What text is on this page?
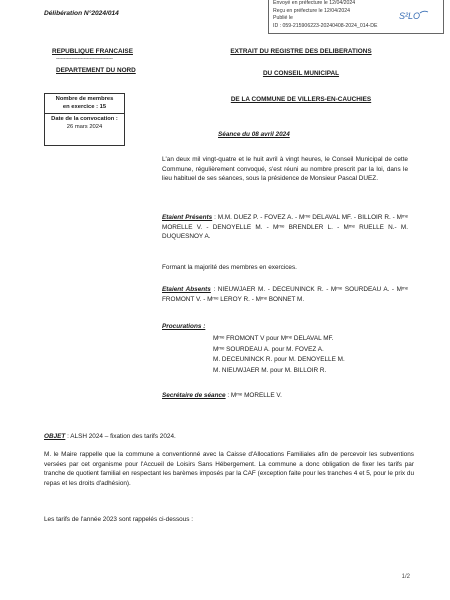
Envoyé en préfecture le 12/04/2024
Reçu en préfecture le 12/04/2024
Publié le
ID : 059-215906223-20240408-2024_014-DE
S²LO
Délibération N°2024/014
REPUBLIQUE FRANCAISE
-------------------------------------
DEPARTEMENT DU NORD
EXTRAIT DU REGISTRE DES DELIBERATIONS
DU CONSEIL MUNICIPAL
DE LA COMMUNE DE VILLERS-EN-CAUCHIES
Nombre de membres
en exercice : 15
Date de la convocation :
26 mars 2024
Séance du 08 avril 2024
L'an deux mil vingt-quatre et le huit avril à vingt heures, le Conseil Municipal de cette Commune, régulièrement convoqué, s'est réuni au nombre prescrit par la loi, dans le lieu habituel de ses séances, sous la présidence de Monsieur Pascal DUEZ.
Etaient Présents : M.M. DUEZ P. - FOVEZ A. - Mᵐᵉ DELAVAL MF. - BILLOIR R. - Mᵐᵉ MORELLE V. - DENOYELLE M. - Mᵐᵉ BRENDLER L. - Mᵐᵉ RUELLE N.- M. DUQUESNOY A.
Formant la majorité des membres en exercices.
Etaient Absents : NIEUWJAER M. - DECEUNINCK R. - Mᵐᵉ SOURDEAU A. - Mᵐᵉ FROMONT V. - Mᵐᵉ LEROY R. - Mᵐᵉ BONNET M.
Procurations :
Mᵐᵉ FROMONT V pour Mᵐᵉ DELAVAL MF.
Mᵐᵉ SOURDEAU A. pour M. FOVEZ A.
M. DECEUNINCK R. pour M. DENOYELLE M.
M. NIEUWJAER M. pour M. BILLOIR R.
Secrétaire de séance : Mᵐᵉ MORELLE V.
OBJET : ALSH 2024 – fixation des tarifs 2024.
M. le Maire rappelle que la commune a conventionné avec la Caisse d'Allocations Familiales afin de percevoir les subventions versées par cet organisme pour l'Accueil de Loisirs Sans Hébergement. La commune a donc obligation de fixer les tarifs par tranche de quotient familial en respectant les barèmes imposés par la CAF (exception faite pour les tranches 4 et 5, pour le prix du repas et les droits d'adhésion).
Les tarifs de l'année 2023 sont rappelés ci-dessous :
1/2
